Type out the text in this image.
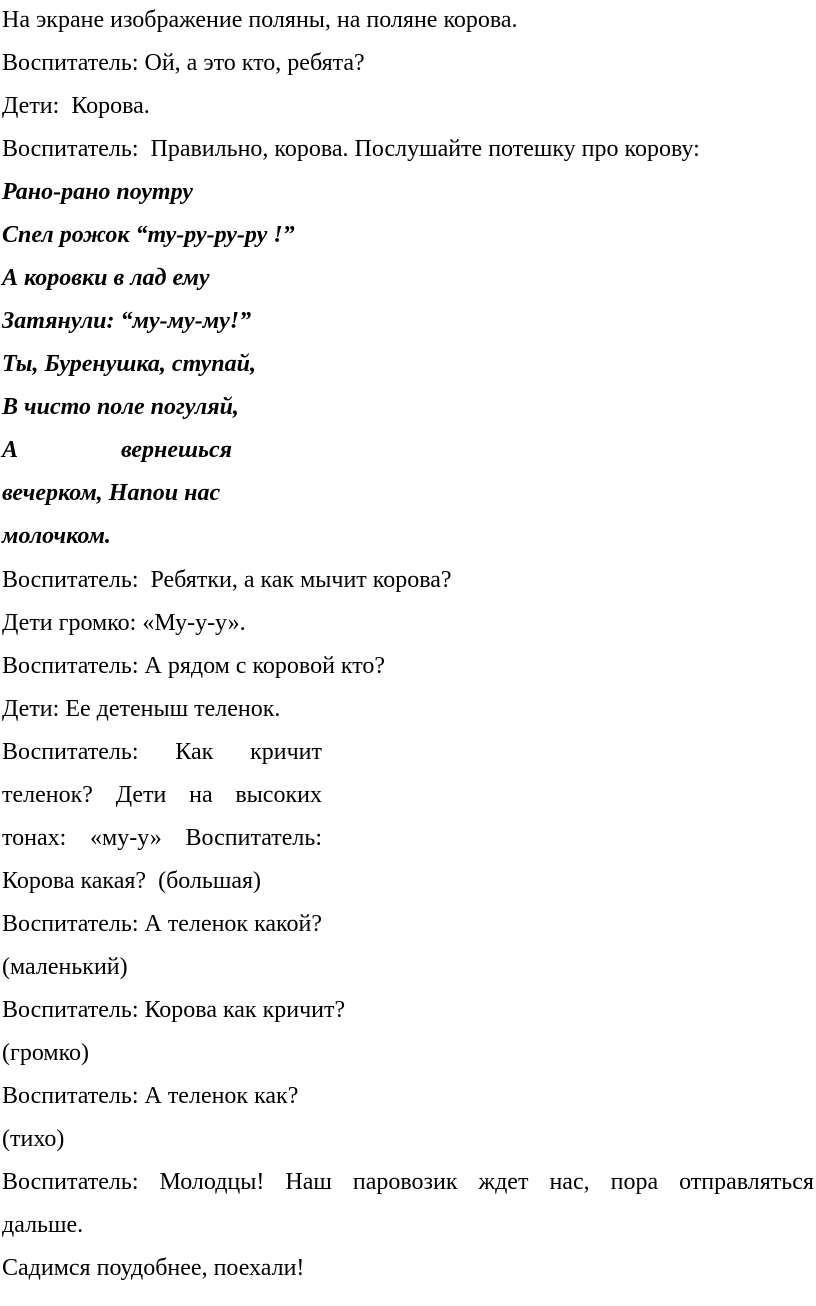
На экране изображение поляны, на поляне корова.
Воспитатель: Ой, а это кто, ребята?
Дети:  Корова.
Воспитатель:  Правильно, корова. Послушайте потешку про корову:
Рано-рано поутру
Спел рожок “ту-ру-ру-ру !”
А коровки в лад ему
Затянули: “му-му-му!”
Ты, Буренушка, ступай,
В чисто поле погуляй,
А	вернешься
вечерком, Напои нас
молочком.
Воспитатель:  Ребятки, а как мычит корова?
Дети громко: «Му-у-у».
Воспитатель: А рядом с коровой кто?
Дети: Ее детеныш теленок.
Воспитатель: Как кричит
теленок? Дети на высоких
тонах: «му-у» Воспитатель:
Корова какая?  (большая)
Воспитатель: А теленок какой?
(маленький)
Воспитатель: Корова как кричит?
(громко)
Воспитатель: А теленок как?
(тихо)
Воспитатель: Молодцы! Наш паровозик ждет нас, пора отправляться
дальше.
Садимся поудобнее, поехали!
